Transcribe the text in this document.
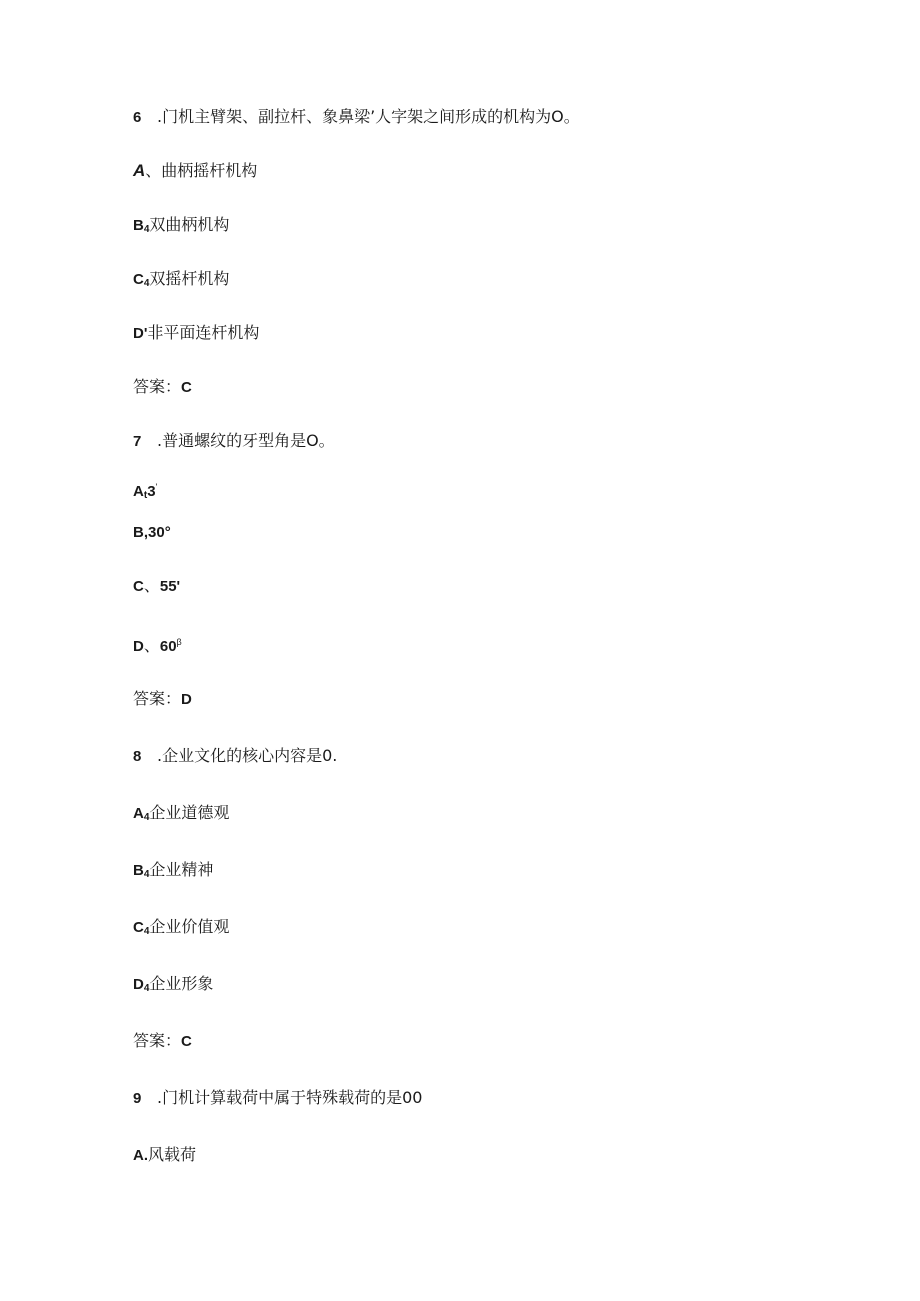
6 .门机主臂架、副拉杆、象鼻梁’人字架之间形成的机构为O。
A、曲柄摇杆机构
$B_4$双曲柄机构
$C_4$双摇杆机构
D'非平面连杆机构
答案：C
7 .普通螺纹的牙型角是O。
$A_t3'$
B,30°
C、55'
D、$60^\beta$
答案：D
8 .企业文化的核心内容是0.
$A_4$企业道德观
$B_4$企业精神
$C_4$企业价值观
$D_4$企业形象
答案：C
9 .门机计算载荷中属于特殊载荷的是00
A.风载荷
